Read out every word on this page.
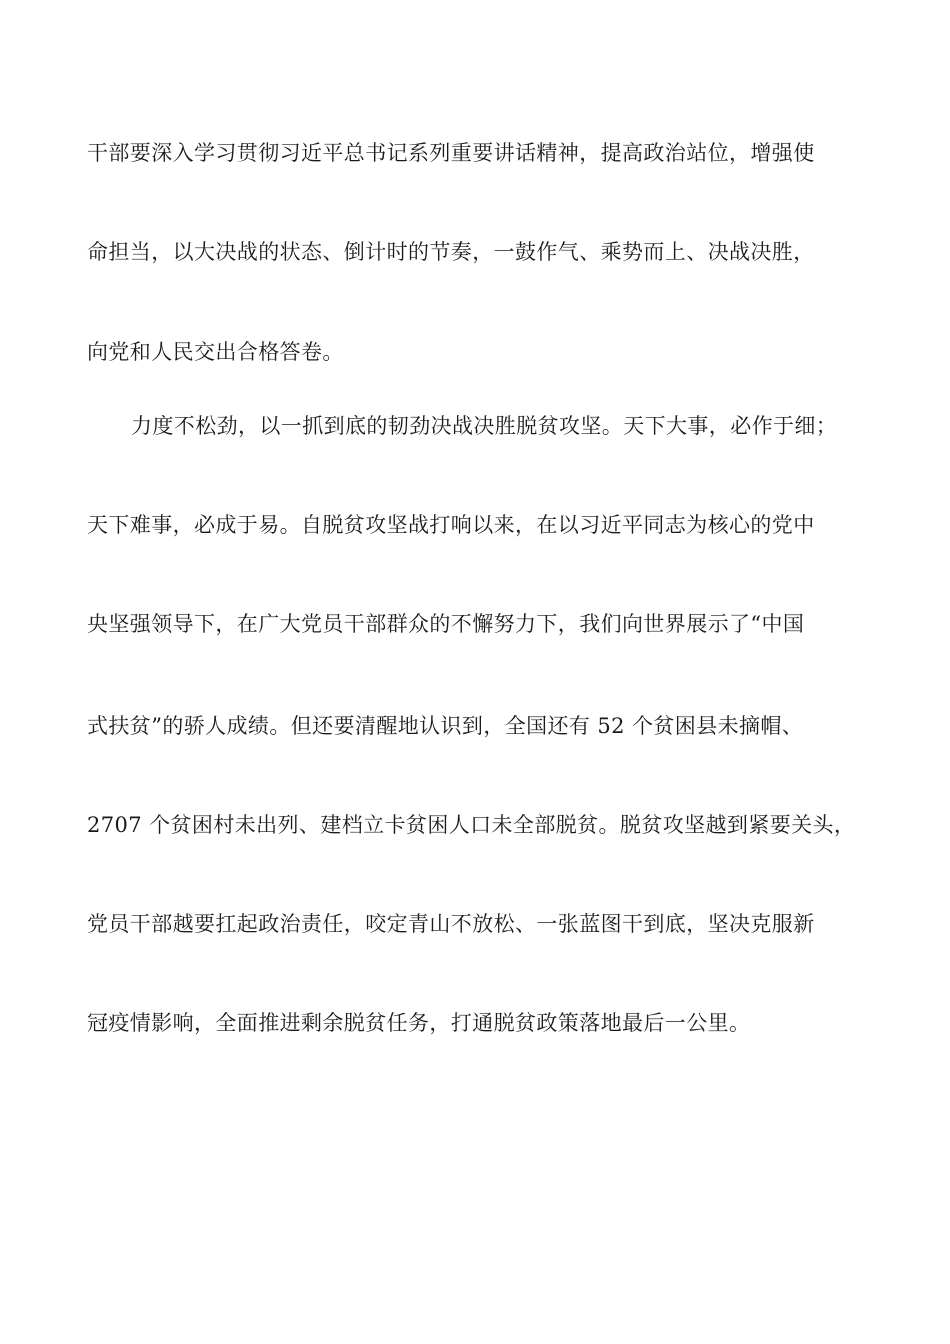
干部要深入学习贯彻习近平总书记系列重要讲话精神，提高政治站位，增强使
命担当，以大决战的状态、倒计时的节奏，一鼓作气、乘势而上、决战决胜，
向党和人民交出合格答卷。
力度不松劲，以一抓到底的韧劲决战决胜脱贫攻坚。天下大事，必作于细；
天下难事，必成于易。自脱贫攻坚战打响以来，在以习近平同志为核心的党中
央坚强领导下，在广大党员干部群众的不懈努力下，我们向世界展示了“中国
式扶贫”的骄人成绩。但还要清醒地认识到，全国还有 52 个贫困县未摘帽、
2707 个贫困村未出列、建档立卡贫困人口未全部脱贫。脱贫攻坚越到紧要关头，
党员干部越要扛起政治责任，咬定青山不放松、一张蓝图干到底，坚决克服新
冠疫情影响，全面推进剩余脱贫任务，打通脱贫政策落地最后一公里。
